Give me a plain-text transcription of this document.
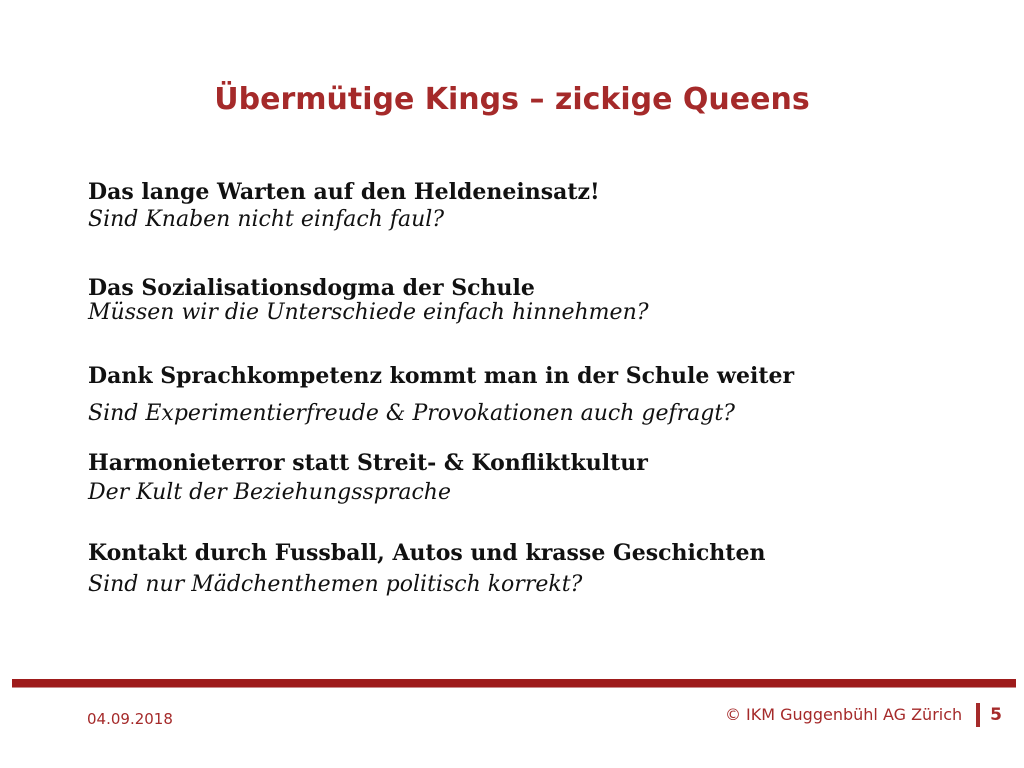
Übermütige Kings – zickige Queens
Das lange Warten auf den Heldeneinsatz!
Sind Knaben nicht einfach faul?
Das Sozialisationsdogma der Schule
Müssen wir die Unterschiede einfach hinnehmen?
Dank Sprachkompetenz kommt man in der Schule weiter
Sind Experimentierfreude & Provokationen auch gefragt?
Harmonieterror statt Streit- & Konfliktkultur
Der Kult der Beziehungssprache
Kontakt durch Fussball, Autos und krasse Geschichten
Sind nur Mädchenthemen politisch korrekt?
04.09.2018	© IKM Guggenbühl AG Zürich 5
